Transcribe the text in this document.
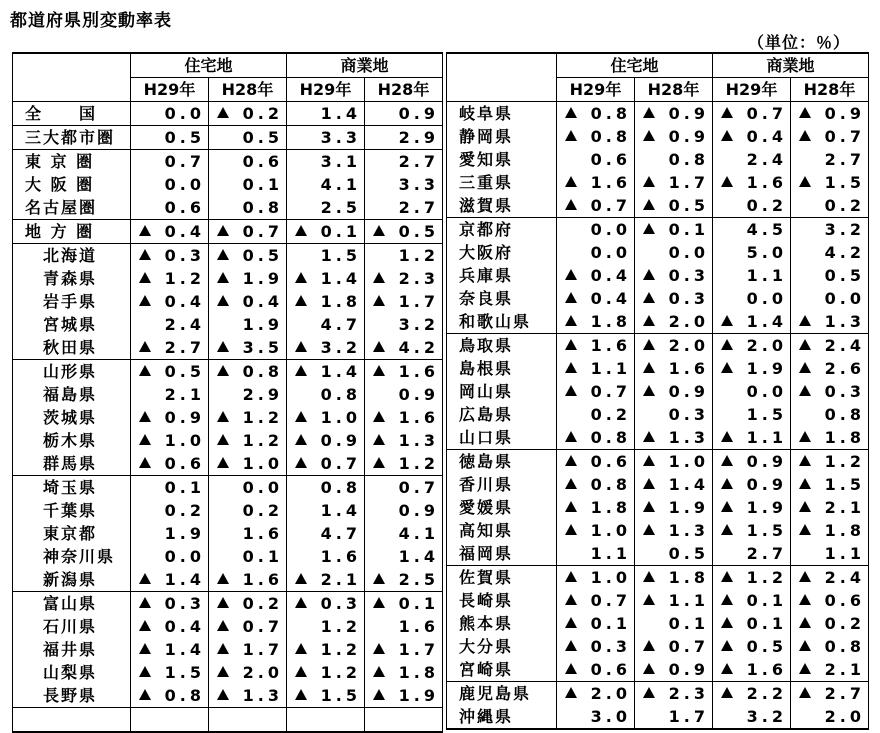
都道府県別変動率表
（単位：％）
	住宅地		商業地	
	H29年	H28年	H29年	H28年
全　　国	0.0	0.2	1.4	0.9
三大都市圏	0.5	0.5	3.3	2.9
東 京 圏	0.7	0.6	3.1	2.7
大 阪 圏	0.0	0.1	4.1	3.3
名古屋圏	0.6	0.8	2.5	2.7
地 方 圏	0.4	0.7	0.1	0.5
北海道	0.3	0.5	1.5	1.2
青森県	1.2	1.9	1.4	2.3
岩手県	0.4	0.4	1.8	1.7
宮城県	2.4	1.9	4.7	3.2
秋田県	2.7	3.5	3.2	4.2
山形県	0.5	0.8	1.4	1.6
福島県	2.1	2.9	0.8	0.9
茨城県	0.9	1.2	1.0	1.6
栃木県	1.0	1.2	0.9	1.3
群馬県	0.6	1.0	0.7	1.2
埼玉県	0.1	0.0	0.8	0.7
千葉県	0.2	0.2	1.4	0.9
東京都	1.9	1.6	4.7	4.1
神奈川県	0.0	0.1	1.6	1.4
新潟県	1.4	1.6	2.1	2.5
富山県	0.3	0.2	0.3	0.1
石川県	0.4	0.7	1.2	1.6
福井県	1.4	1.7	1.2	1.7
山梨県	1.5	2.0	1.2	1.8
長野県	0.8	1.3	1.5	1.9

	住宅地		商業地	
	H29年	H28年	H29年	H28年
岐阜県	0.8	0.9	0.7	0.9
静岡県	0.8	0.9	0.4	0.7
愛知県	0.6	0.8	2.4	2.7
三重県	1.6	1.7	1.6	1.5
滋賀県	0.7	0.5	0.2	0.2
京都府	0.0	0.1	4.5	3.2
大阪府	0.0	0.0	5.0	4.2
兵庫県	0.4	0.3	1.1	0.5
奈良県	0.4	0.3	0.0	0.0
和歌山県	1.8	2.0	1.4	1.3
鳥取県	1.6	2.0	2.0	2.4
島根県	1.1	1.6	1.9	2.6
岡山県	0.7	0.9	0.0	0.3
広島県	0.2	0.3	1.5	0.8
山口県	0.8	1.3	1.1	1.8
徳島県	0.6	1.0	0.9	1.2
香川県	0.8	1.4	0.9	1.5
愛媛県	1.8	1.9	1.9	2.1
高知県	1.0	1.3	1.5	1.8
福岡県	1.1	0.5	2.7	1.1
佐賀県	1.0	1.8	1.2	2.4
長崎県	0.7	1.1	0.1	0.6
熊本県	0.1	0.1	0.1	0.2
大分県	0.3	0.7	0.5	0.8
宮崎県	0.6	0.9	1.6	2.1
鹿児島県	2.0	2.3	2.2	2.7
沖縄県	3.0	1.7	3.2	2.0
